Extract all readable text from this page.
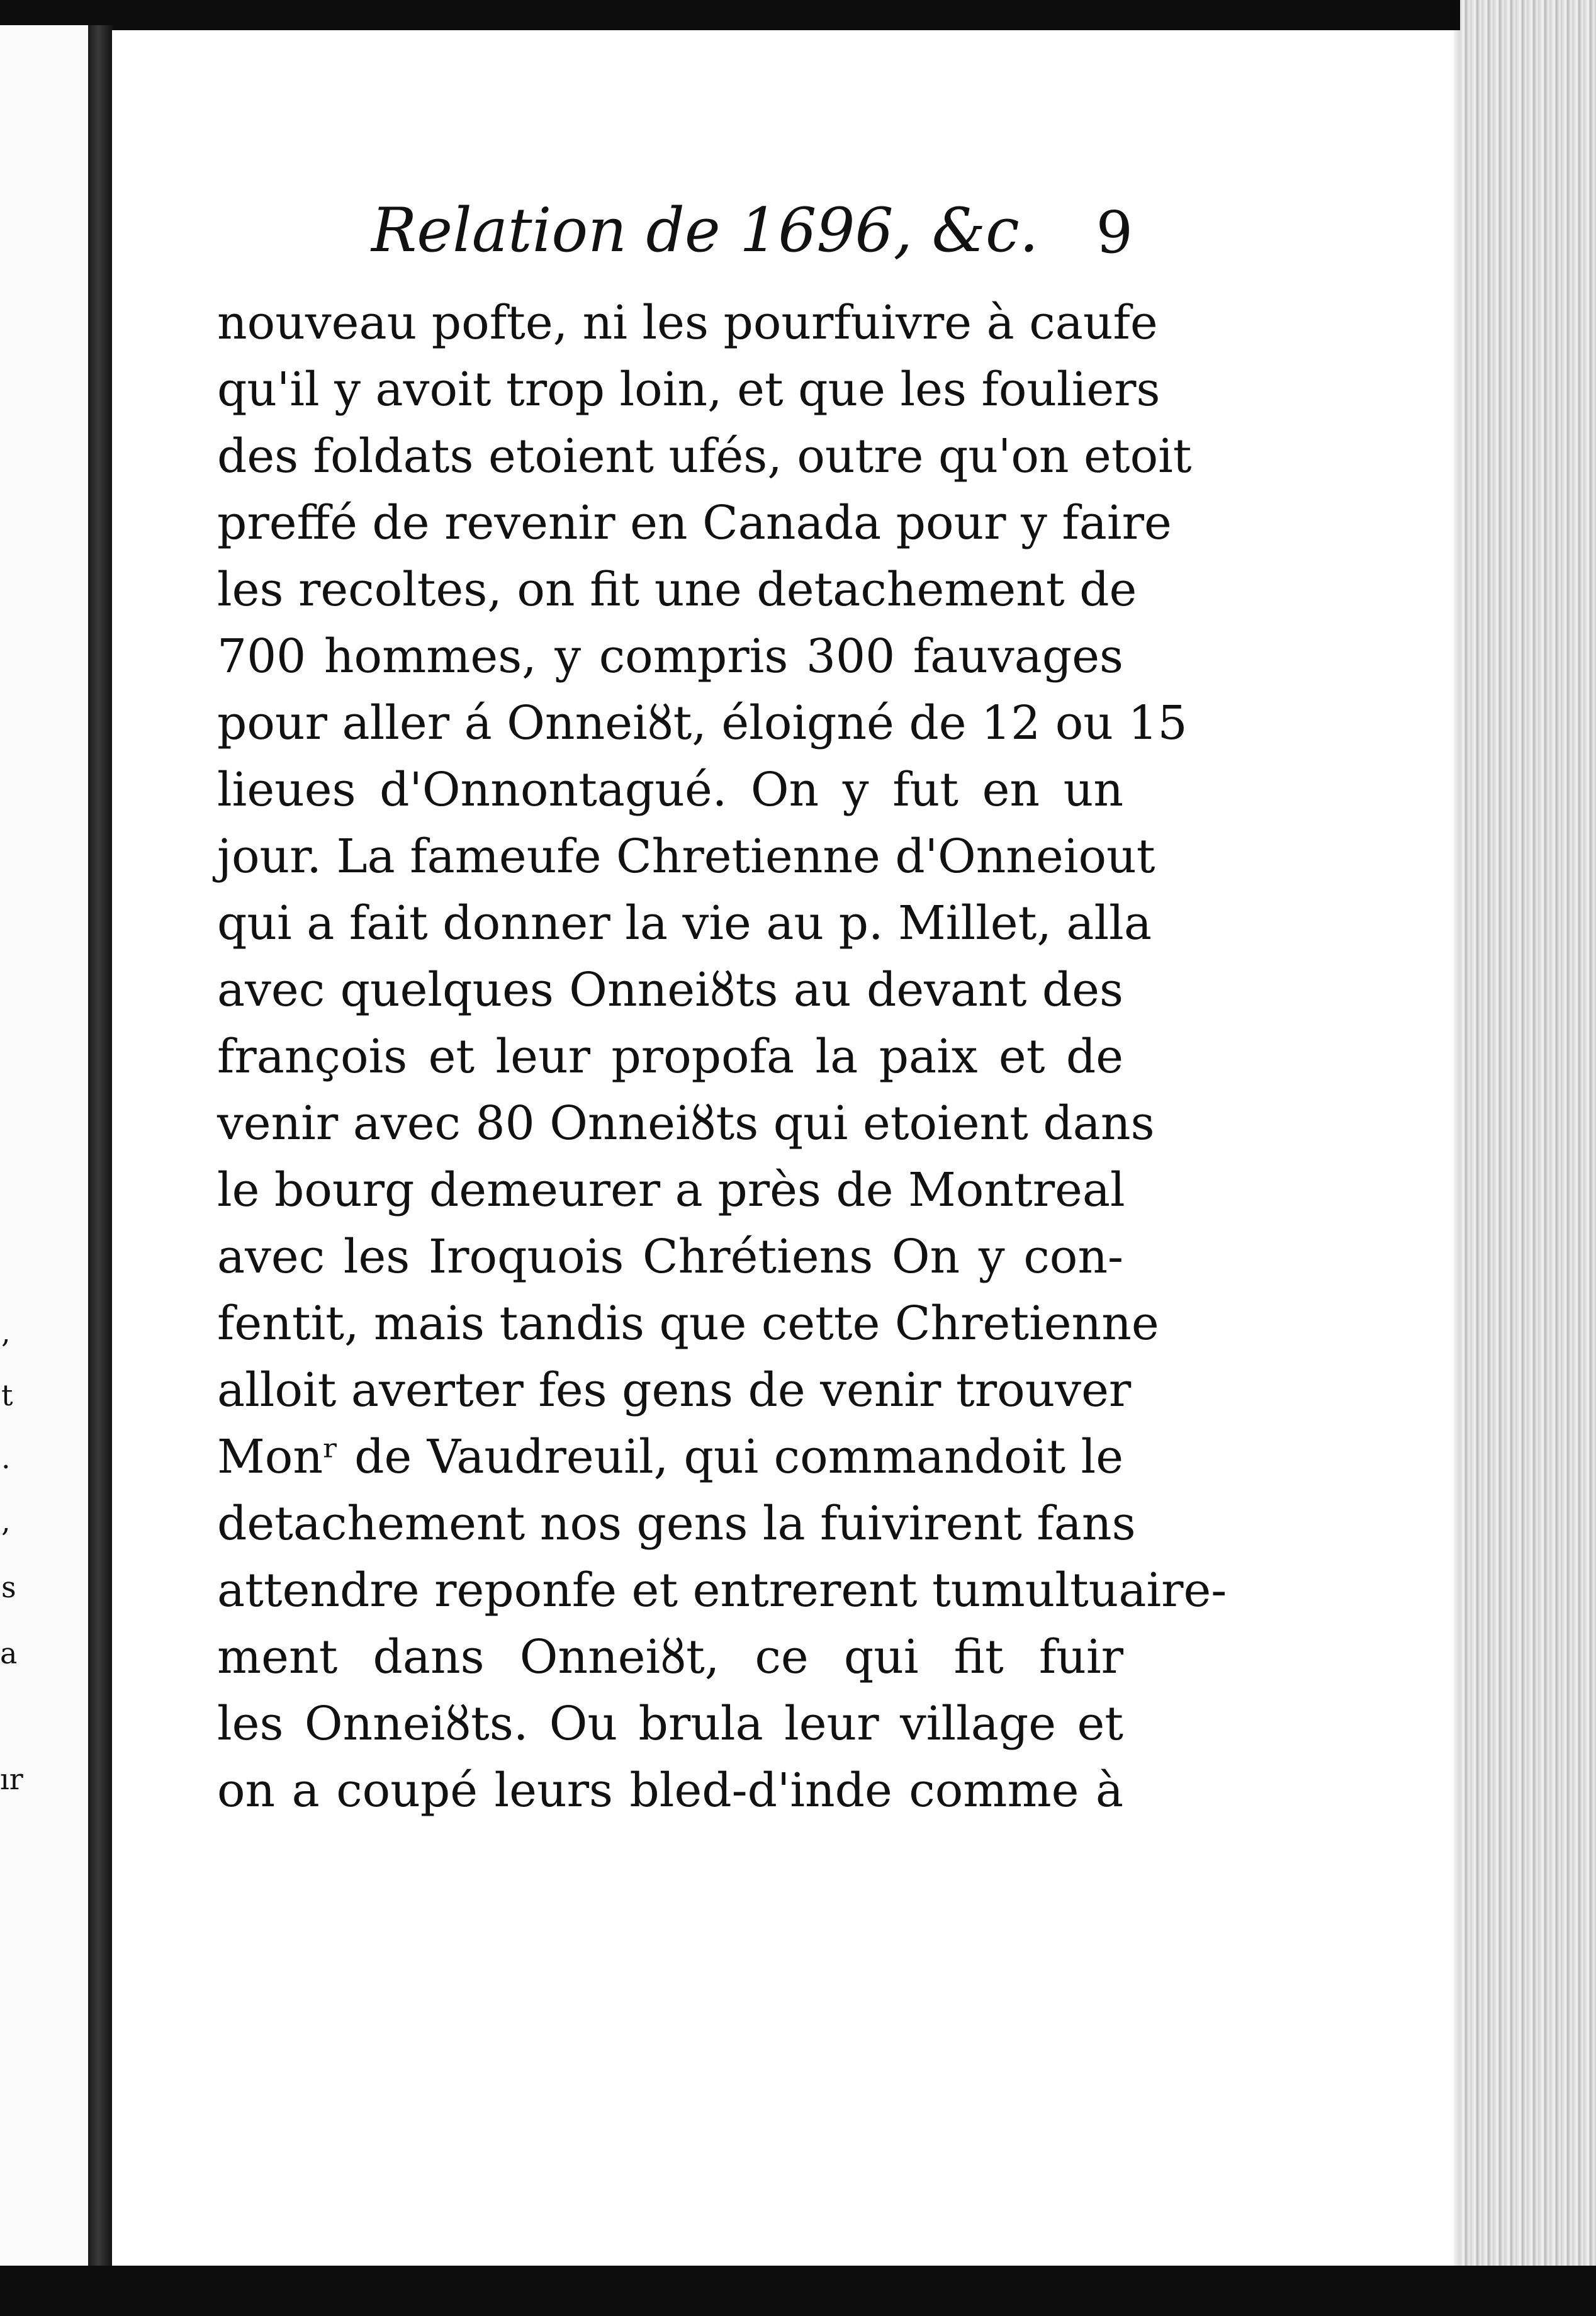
,
t
.
,
s
a
ır
Relation de 1696, &c. 9
nouveau pofte, ni les pourfuivre à caufe
qu'il y avoit trop loin, et que les fouliers
des foldats etoient ufés, outre qu'on etoit
preffé de revenir en Canada pour y faire
les recoltes, on fit une detachement de
700 hommes, y compris 300 fauvages
pour aller á Onneiȣt, éloigné de 12 ou 15
lieues d'Onnontagué. On y fut en un
jour. La fameufe Chretienne d'Onneiout
qui a fait donner la vie au p. Millet, alla
avec quelques Onneiȣts au devant des
françois et leur propofa la paix et de
venir avec 80 Onneiȣts qui etoient dans
le bourg demeurer a près de Montreal
avec les Iroquois Chrétiens On y con-
fentit, mais tandis que cette Chretienne
alloit averter fes gens de venir trouver
Monʳ de Vaudreuil, qui commandoit le
detachement nos gens la fuivirent fans
attendre reponfe et entrerent tumultuaire-
ment dans Onneiȣt, ce qui fit fuir
les Onneiȣts. Ou brula leur village et
on a coupé leurs bled-d'inde comme à
